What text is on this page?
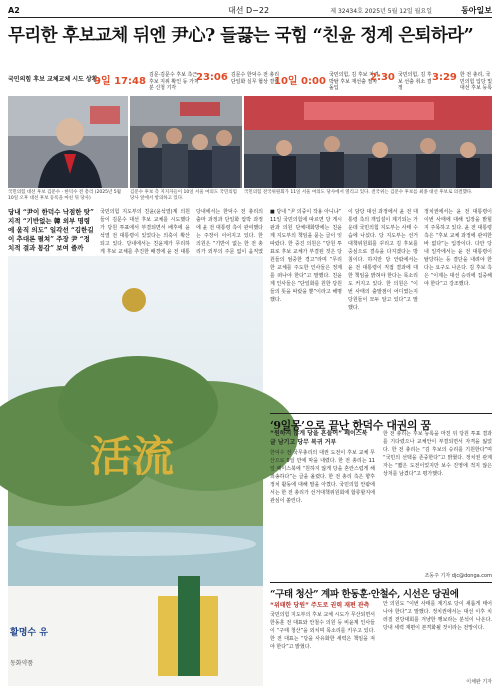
A2	대선 D−22	제 32434호 2025년 5월 12일 월요일	동아일보
무리한 후보교체 뒤엔 尹心? 들끓는 국힘 “친윤 정계 은퇴하라”
국민의힘 후보 교체교체 시도 상황
9일 17:48
김문·김문수 후보 측근 후보 지위 확인 등 가처분 신청 기각
23:06 김문수 한덕수 전 총리 단일화 실무 협상 결렬
10일 0:00
국민의힘, 김 후보 자격 박탈 후보 재선출 절차 돌입
2:30 국민의힘, 김 후보 선출 취소 결정
3:29 한 전 총리, 국민의힘 입당 및 대선 후보 등록
국민의힘 대선 후보 김문수 · 한덕수 전 총리 (2025년 5월 10일 오후 대선 후보 등록을 마친 뒤 당사)
김문수 후보 측 지지자들이 10일 서울 여의도 국민의힘 당사 앞에서 항의하고 있다.
국민의힘 전국위원회가 11일 서울 여의도 당사에서 열리고 있다. 전국위는 김문수 후보를 최종 대선 후보로 의결했다.
당내 “尹이 한덕수 낙점한 탓” 지적 “기반없는 韓 외부 명령에 움직 의도” 일각선 “김한길이 추대론 펼쳐” 주장 尹 “정치적 결과 통감” 보여 줄까
국민의힘 지도부의 친윤(윤석열)계 의원들이 김문수 대선 후보 교체를 시도했다가 당원 투표에서 부결되면서 배후에 윤석열 전 대통령이 있었다는 의혹이 확산되고 있다. 당내에서는 친윤계가 무리하게 후보 교체를 추진한 배경에 윤 전 대통
당내에서는 한덕수 전 총리의 출마 과정과 단일화 압박 과정에 윤 전 대통령 측이 관여했다는 주장이 이어지고 있다. 한 의원은 “기반이 없는 한 전 총리가 외부의 주문 없이 움직였
■ 당내 “尹 의중이 작용 아니냐”
11일 국민의힘에 따르면 당 게시판과 의원 단체대화방에는 친윤계 지도부의 책임을 묻는 글이 잇따랐다. 한 중진 의원은 “당원 투표로 후보 교체가 부결된 것은 당원들의 엄중한 경고”라며 “무리한 교체를 주도한 인사들은 정계를 떠나야 한다”고 말했다. 친윤계 인사들은 “단일화를 원한 당원들의 뜻을 따랐을 뿐”이라고 해명했다.
이 담당 대선 과정에서 윤 전 대통령 측의 개입설이 제기되는 가운데 국민의힘 지도부는 사태 수습에 나섰다. 당 지도부는 선거대책위원회를 꾸리고 김 후보를 중심으로 결속을 다지겠다는 방침이다. 하지만 당 안팎에서는 윤 전 대통령이 직접 결과에 대한 책임을 밝혀야 한다는 목소리도 커지고 있다. 한 의원은 “이번 사태의 출발점이 어디였는지 당원들이 모두 알고 있다”고 말했다.
정치권에서는 윤 전 대통령이 이번 사태에 대해 입장을 밝힐지 주목하고 있다. 윤 전 대통령 측은 “후보 교체 과정에 관여한 바 없다”는 입장이다. 다만 당내 일각에서는 윤 전 대통령이 탈당하는 등 결단을 내려야 한다는 요구도 나온다. 김 후보 측은 “이제는 대선 승리에 집중해야 한다”고 강조했다.
活流
활명수 유
동화약품
‘9일몽’으로 끝난 한덕수 대권의 꿈
“원하지 않게 당을 흔들어” 페이스북 글 남기고 당무 복귀 거부
한덕수 전 국무총리의 대권 도전이 후보 교체 무산으로 9일 만에 막을 내렸다. 한 전 총리는 11일 페이스북에 “원하지 않게 당을 혼란스럽게 해 죄송하다”는 글을 올렸다. 한 전 총리 측은 향후 정치 활동에 대해 말을 아꼈다. 국민의힘 안팎에서는 한 전 총리가 선거대책위원회에 합류할지에 관심이 쏠린다.
한 전 총리는 후보 등록을 마친 뒤 당원 투표 결과를 기다렸으나 교체안이 부결되면서 자격을 잃었다. 한 전 총리는 “김 후보의 승리를 기원한다”며 “국민의 선택을 존중한다”고 밝혔다. 정치권 관계자는 “짧은 도전이었지만 보수 진영에 적지 않은 상처를 남겼다”고 평가했다.
조동주 기자 djc@donga.com
“구태 청산” 계파 한동훈·안철수, 시선은 당권에
“위태한 당원” 주도로 권력 재편 관측
국민의힘 지도부의 후보 교체 시도가 무산되면서 한동훈 전 대표와 안철수 의원 등 비윤계 인사들이 “구태 청산”을 외치며 목소리를 키우고 있다. 한 전 대표는 “당을 사유화한 세력은 책임을 져야 한다”고 밝혔다.
안 의원도 “이번 사태를 계기로 당이 새롭게 태어나야 한다”고 말했다. 정치권에서는 대선 이후 치러질 전당대회를 겨냥한 행보라는 분석이 나온다. 당내 세력 재편이 본격화될 것이라는 전망이다.
이채완 기자
